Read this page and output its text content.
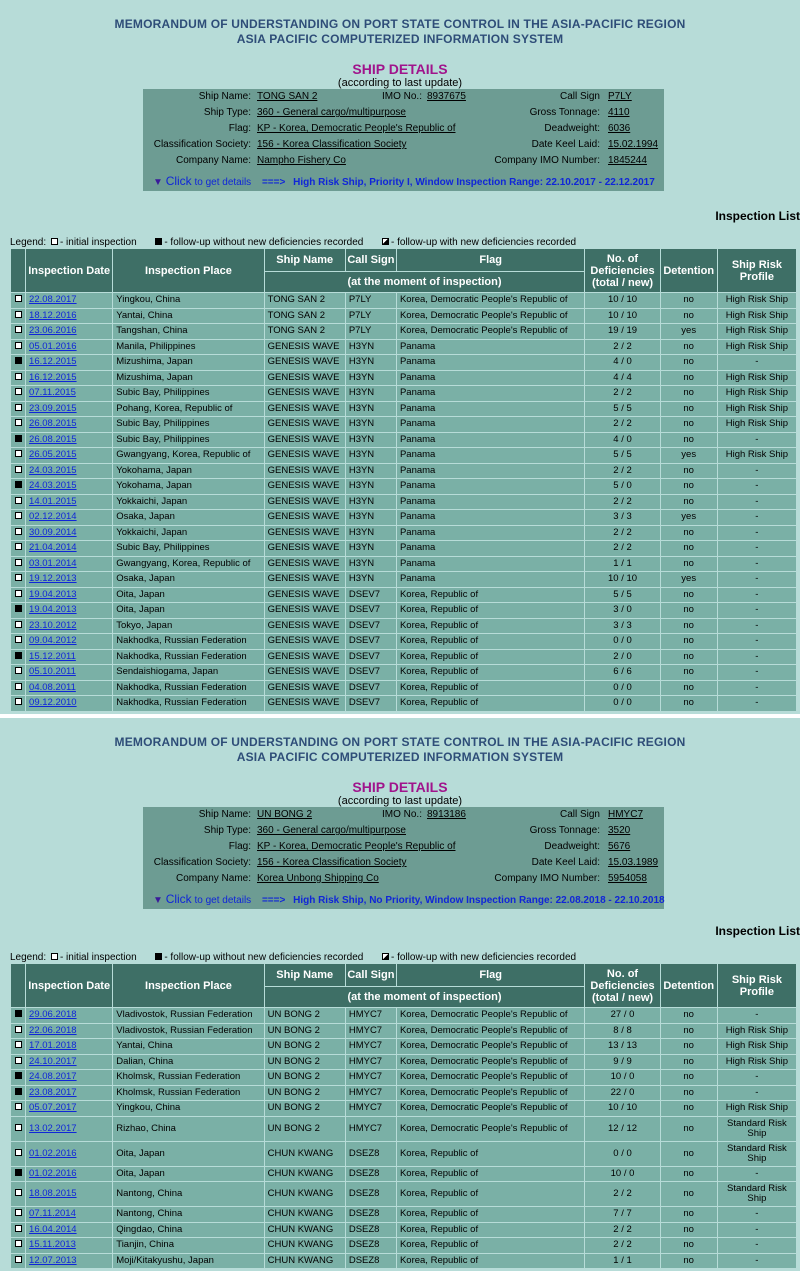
MEMORANDUM OF UNDERSTANDING ON PORT STATE CONTROL IN THE ASIA-PACIFIC REGION
ASIA PACIFIC COMPUTERIZED INFORMATION SYSTEM
SHIP DETAILS
(according to last update)
Ship Name: TONG SAN 2	IMO No.: 8937675	Call Sign P7LY
Ship Type: 360 - General cargo/multipurpose	Gross Tonnage: 4110
Flag: KP - Korea, Democratic People's Republic of	Deadweight: 6036
Classification Society: 156 - Korea Classification Society	Date Keel Laid: 15.02.1994
Company Name: Nampho Fishery Co	Company IMO Number: 1845244
▼ Click to get details ===> High Risk Ship, Priority I, Window Inspection Range: 22.10.2017 - 22.12.2017
Inspection List
Legend: - initial inspection	- follow-up without new deficiencies recorded	- follow-up with new deficiencies recorded
	Inspection Date	Inspection Place	Ship Name	Call Sign	Flag	No. of Deficiencies (total / new)	Detention	Ship Risk Profile
			(at the moment of inspection)					
	22.08.2017	Yingkou, China	TONG SAN 2	P7LY	Korea, Democratic People's Republic of	10 / 10	no	High Risk Ship
	18.12.2016	Yantai, China	TONG SAN 2	P7LY	Korea, Democratic People's Republic of	10 / 10	no	High Risk Ship
	23.06.2016	Tangshan, China	TONG SAN 2	P7LY	Korea, Democratic People's Republic of	19 / 19	yes	High Risk Ship
	05.01.2016	Manila, Philippines	GENESIS WAVE	H3YN	Panama	2 / 2	no	High Risk Ship
	16.12.2015	Mizushima, Japan	GENESIS WAVE	H3YN	Panama	4 / 0	no	-
	16.12.2015	Mizushima, Japan	GENESIS WAVE	H3YN	Panama	4 / 4	no	High Risk Ship
	07.11.2015	Subic Bay, Philippines	GENESIS WAVE	H3YN	Panama	2 / 2	no	High Risk Ship
	23.09.2015	Pohang, Korea, Republic of	GENESIS WAVE	H3YN	Panama	5 / 5	no	High Risk Ship
	26.08.2015	Subic Bay, Philippines	GENESIS WAVE	H3YN	Panama	2 / 2	no	High Risk Ship
	26.08.2015	Subic Bay, Philippines	GENESIS WAVE	H3YN	Panama	4 / 0	no	-
	26.05.2015	Gwangyang, Korea, Republic of	GENESIS WAVE	H3YN	Panama	5 / 5	yes	High Risk Ship
	24.03.2015	Yokohama, Japan	GENESIS WAVE	H3YN	Panama	2 / 2	no	-
	24.03.2015	Yokohama, Japan	GENESIS WAVE	H3YN	Panama	5 / 0	no	-
	14.01.2015	Yokkaichi, Japan	GENESIS WAVE	H3YN	Panama	2 / 2	no	-
	02.12.2014	Osaka, Japan	GENESIS WAVE	H3YN	Panama	3 / 3	yes	-
	30.09.2014	Yokkaichi, Japan	GENESIS WAVE	H3YN	Panama	2 / 2	no	-
	21.04.2014	Subic Bay, Philippines	GENESIS WAVE	H3YN	Panama	2 / 2	no	-
	03.01.2014	Gwangyang, Korea, Republic of	GENESIS WAVE	H3YN	Panama	1 / 1	no	-
	19.12.2013	Osaka, Japan	GENESIS WAVE	H3YN	Panama	10 / 10	yes	-
	19.04.2013	Oita, Japan	GENESIS WAVE	DSEV7	Korea, Republic of	5 / 5	no	-
	19.04.2013	Oita, Japan	GENESIS WAVE	DSEV7	Korea, Republic of	3 / 0	no	-
	23.10.2012	Tokyo, Japan	GENESIS WAVE	DSEV7	Korea, Republic of	3 / 3	no	-
	09.04.2012	Nakhodka, Russian Federation	GENESIS WAVE	DSEV7	Korea, Republic of	0 / 0	no	-
	15.12.2011	Nakhodka, Russian Federation	GENESIS WAVE	DSEV7	Korea, Republic of	2 / 0	no	-
	05.10.2011	Sendaishiogama, Japan	GENESIS WAVE	DSEV7	Korea, Republic of	6 / 6	no	-
	04.08.2011	Nakhodka, Russian Federation	GENESIS WAVE	DSEV7	Korea, Republic of	0 / 0	no	-
	09.12.2010	Nakhodka, Russian Federation	GENESIS WAVE	DSEV7	Korea, Republic of	0 / 0	no	-
MEMORANDUM OF UNDERSTANDING ON PORT STATE CONTROL IN THE ASIA-PACIFIC REGION
ASIA PACIFIC COMPUTERIZED INFORMATION SYSTEM
SHIP DETAILS
(according to last update)
Ship Name: UN BONG 2	IMO No.: 8913186	Call Sign HMYC7
Ship Type: 360 - General cargo/multipurpose	Gross Tonnage: 3520
Flag: KP - Korea, Democratic People's Republic of	Deadweight: 5676
Classification Society: 156 - Korea Classification Society	Date Keel Laid: 15.03.1989
Company Name: Korea Unbong Shipping Co	Company IMO Number: 5954058
▼ Click to get details ===> High Risk Ship, No Priority, Window Inspection Range: 22.08.2018 - 22.10.2018
Inspection List
Legend: - initial inspection	- follow-up without new deficiencies recorded	- follow-up with new deficiencies recorded
	Inspection Date	Inspection Place	Ship Name	Call Sign	Flag	No. of Deficiencies (total / new)	Detention	Ship Risk Profile
			(at the moment of inspection)					
	29.06.2018	Vladivostok, Russian Federation	UN BONG 2	HMYC7	Korea, Democratic People's Republic of	27 / 0	no	-
	22.06.2018	Vladivostok, Russian Federation	UN BONG 2	HMYC7	Korea, Democratic People's Republic of	8 / 8	no	High Risk Ship
	17.01.2018	Yantai, China	UN BONG 2	HMYC7	Korea, Democratic People's Republic of	13 / 13	no	High Risk Ship
	24.10.2017	Dalian, China	UN BONG 2	HMYC7	Korea, Democratic People's Republic of	9 / 9	no	High Risk Ship
	24.08.2017	Kholmsk, Russian Federation	UN BONG 2	HMYC7	Korea, Democratic People's Republic of	10 / 0	no	-
	23.08.2017	Kholmsk, Russian Federation	UN BONG 2	HMYC7	Korea, Democratic People's Republic of	22 / 0	no	-
	05.07.2017	Yingkou, China	UN BONG 2	HMYC7	Korea, Democratic People's Republic of	10 / 10	no	High Risk Ship
	13.02.2017	Rizhao, China	UN BONG 2	HMYC7	Korea, Democratic People's Republic of	12 / 12	no	Standard Risk Ship
	01.02.2016	Oita, Japan	CHUN KWANG	DSEZ8	Korea, Republic of	0 / 0	no	Standard Risk Ship
	01.02.2016	Oita, Japan	CHUN KWANG	DSEZ8	Korea, Republic of	10 / 0	no	-
	18.08.2015	Nantong, China	CHUN KWANG	DSEZ8	Korea, Republic of	2 / 2	no	Standard Risk Ship
	07.11.2014	Nantong, China	CHUN KWANG	DSEZ8	Korea, Republic of	7 / 7	no	-
	16.04.2014	Qingdao, China	CHUN KWANG	DSEZ8	Korea, Republic of	2 / 2	no	-
	15.11.2013	Tianjin, China	CHUN KWANG	DSEZ8	Korea, Republic of	2 / 2	no	-
	12.07.2013	Moji/Kitakyushu, Japan	CHUN KWANG	DSEZ8	Korea, Republic of	1 / 1	no	-
